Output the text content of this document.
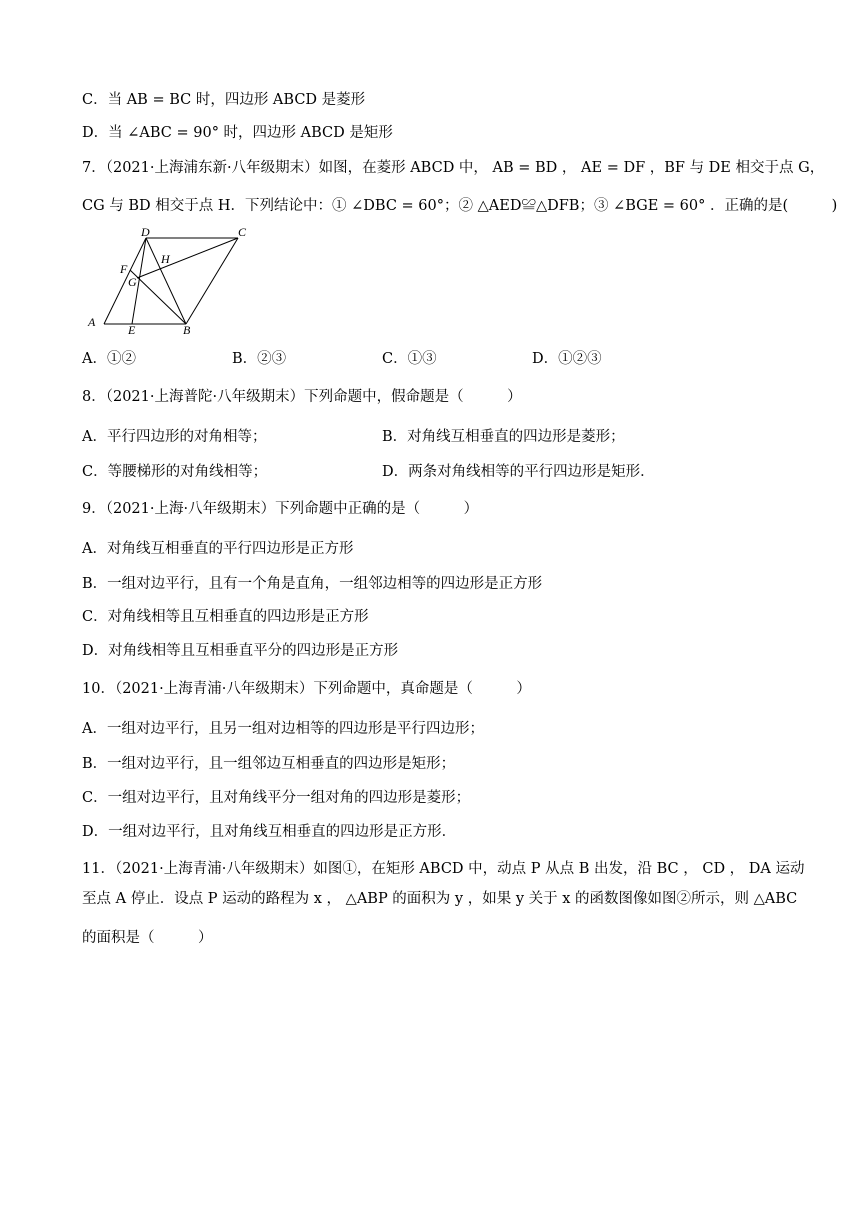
C．当 AB = BC 时，四边形 ABCD 是菱形
D．当 ∠ABC = 90° 时，四边形 ABCD 是矩形
7．（2021·上海浦东新·八年级期末）如图，在菱形 ABCD 中， AB = BD ， AE = DF ，BF 与 DE 相交于点 G，
CG 与 BD 相交于点 H．下列结论中：① ∠DBC = 60°；② △AED≌△DFB；③ ∠BGE = 60° ．正确的是(　　　)
D	C
F
H
G
A
E	B
A．①②	B．②③	C．①③	D．①②③
8．（2021·上海普陀·八年级期末）下列命题中，假命题是（　　　）
A．平行四边形的对角相等；	B．对角线互相垂直的四边形是菱形；
C．等腰梯形的对角线相等；	D．两条对角线相等的平行四边形是矩形．
9．（2021·上海·八年级期末）下列命题中正确的是（　　　）
A．对角线互相垂直的平行四边形是正方形
B．一组对边平行，且有一个角是直角，一组邻边相等的四边形是正方形
C．对角线相等且互相垂直的四边形是正方形
D．对角线相等且互相垂直平分的四边形是正方形
10．（2021·上海青浦·八年级期末）下列命题中，真命题是（　　　）
A．一组对边平行，且另一组对边相等的四边形是平行四边形；
B．一组对边平行，且一组邻边互相垂直的四边形是矩形；
C．一组对边平行，且对角线平分一组对角的四边形是菱形；
D．一组对边平行，且对角线互相垂直的四边形是正方形．
11．（2021·上海青浦·八年级期末）如图①，在矩形 ABCD 中，动点 P 从点 B 出发，沿 BC ， CD ， DA 运动
至点 A 停止．设点 P 运动的路程为 x ， △ABP 的面积为 y ，如果 y 关于 x 的函数图像如图②所示，则 △ABC
的面积是（　　　）
